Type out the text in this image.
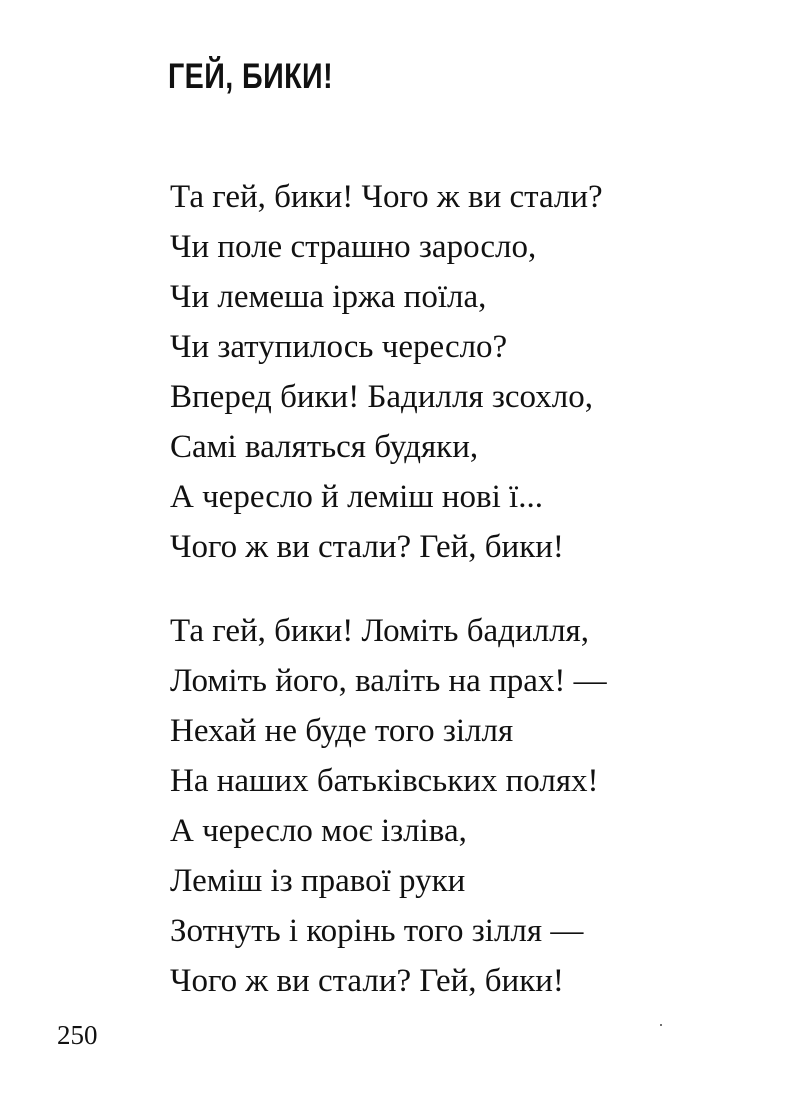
ГЕЙ, БИКИ!
Та гей, бики! Чого ж ви стали?
Чи поле страшно заросло,
Чи лемеша іржа поїла,
Чи затупилось чересло?
Вперед бики! Бадилля зсохло,
Самі валяться будяки,
А чересло й леміш нові ї...
Чого ж ви стали? Гей, бики!
Та гей, бики! Ломіть бадилля,
Ломіть його, валіть на прах! —
Нехай не буде того зілля
На наших батьківських полях!
А чересло моє ізліва,
Леміш із правої руки
Зотнуть і корінь того зілля —
Чого ж ви стали? Гей, бики!
250
